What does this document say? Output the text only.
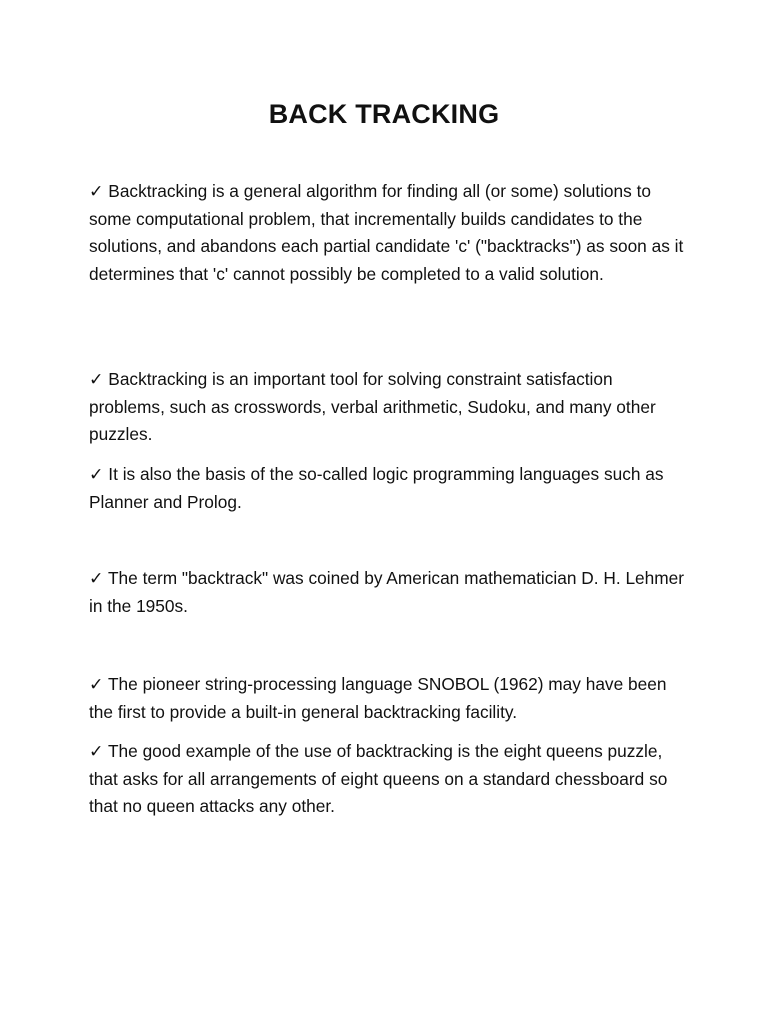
BACK TRACKING

✓ Backtracking is a general algorithm for finding all (or some) solutions to some computational problem, that incrementally builds candidates to the solutions, and abandons each partial candidate 'c' ("backtracks") as soon as it determines that 'c' cannot possibly be completed to a valid solution.

✓ Backtracking is an important tool for solving constraint satisfaction problems, such as crosswords, verbal arithmetic, Sudoku, and many other puzzles.

✓ It is also the basis of the so-called logic programming languages such as Planner and Prolog.

✓ The term "backtrack" was coined by American mathematician D. H. Lehmer in the 1950s.

✓ The pioneer string-processing language SNOBOL (1962) may have been the first to provide a built-in general backtracking facility.

✓ The good example of the use of backtracking is the eight queens puzzle, that asks for all arrangements of eight queens on a standard chessboard so that no queen attacks any other.
